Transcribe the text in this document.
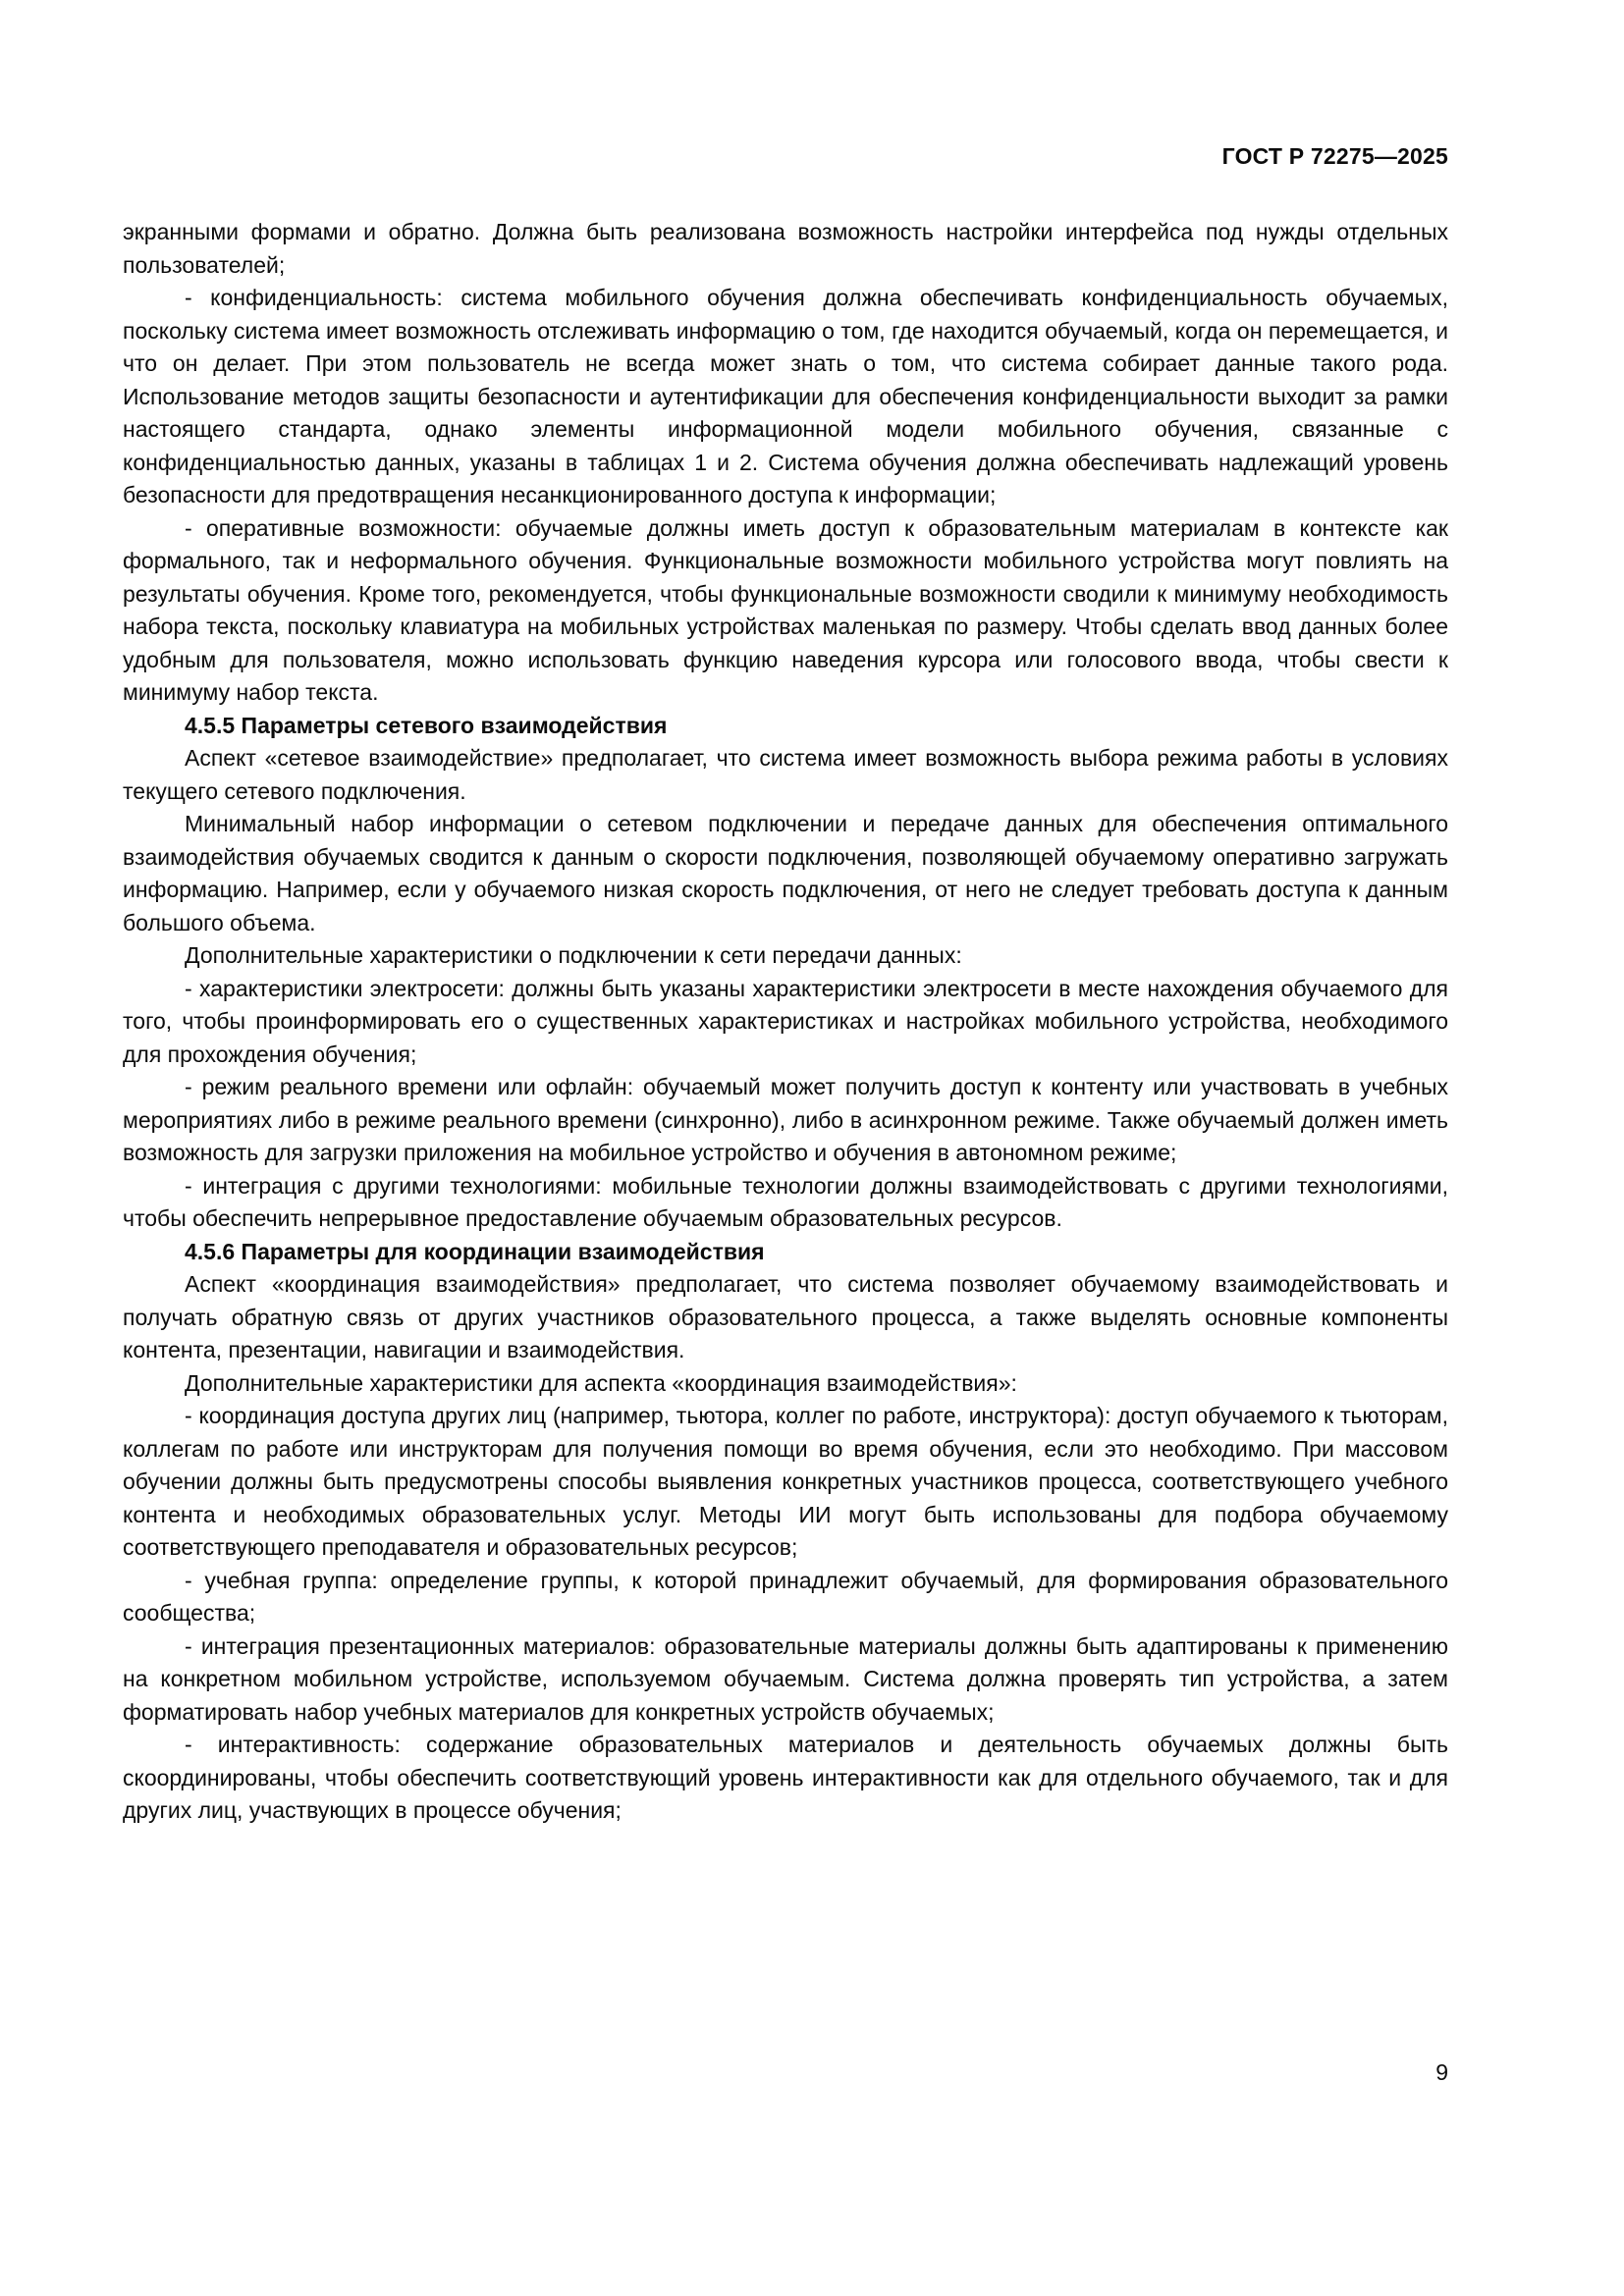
ГОСТ Р 72275—2025

экранными формами и обратно. Должна быть реализована возможность настройки интерфейса под нужды отдельных пользователей;

- конфиденциальность: система мобильного обучения должна обеспечивать конфиденциальность обучаемых, поскольку система имеет возможность отслеживать информацию о том, где находится обучаемый, когда он перемещается, и что он делает. При этом пользователь не всегда может знать о том, что система собирает данные такого рода. Использование методов защиты безопасности и аутентификации для обеспечения конфиденциальности выходит за рамки настоящего стандарта, однако элементы информационной модели мобильного обучения, связанные с конфиденциальностью данных, указаны в таблицах 1 и 2. Система обучения должна обеспечивать надлежащий уровень безопасности для предотвращения несанкционированного доступа к информации;

- оперативные возможности: обучаемые должны иметь доступ к образовательным материалам в контексте как формального, так и неформального обучения. Функциональные возможности мобильного устройства могут повлиять на результаты обучения. Кроме того, рекомендуется, чтобы функциональные возможности сводили к минимуму необходимость набора текста, поскольку клавиатура на мобильных устройствах маленькая по размеру. Чтобы сделать ввод данных более удобным для пользователя, можно использовать функцию наведения курсора или голосового ввода, чтобы свести к минимуму набор текста.

4.5.5 Параметры сетевого взаимодействия

Аспект «сетевое взаимодействие» предполагает, что система имеет возможность выбора режима работы в условиях текущего сетевого подключения.

Минимальный набор информации о сетевом подключении и передаче данных для обеспечения оптимального взаимодействия обучаемых сводится к данным о скорости подключения, позволяющей обучаемому оперативно загружать информацию. Например, если у обучаемого низкая скорость подключения, от него не следует требовать доступа к данным большого объема.

Дополнительные характеристики о подключении к сети передачи данных:

- характеристики электросети: должны быть указаны характеристики электросети в месте нахождения обучаемого для того, чтобы проинформировать его о существенных характеристиках и настройках мобильного устройства, необходимого для прохождения обучения;

- режим реального времени или офлайн: обучаемый может получить доступ к контенту или участвовать в учебных мероприятиях либо в режиме реального времени (синхронно), либо в асинхронном режиме. Также обучаемый должен иметь возможность для загрузки приложения на мобильное устройство и обучения в автономном режиме;

- интеграция с другими технологиями: мобильные технологии должны взаимодействовать с другими технологиями, чтобы обеспечить непрерывное предоставление обучаемым образовательных ресурсов.

4.5.6 Параметры для координации взаимодействия

Аспект «координация взаимодействия» предполагает, что система позволяет обучаемому взаимодействовать и получать обратную связь от других участников образовательного процесса, а также выделять основные компоненты контента, презентации, навигации и взаимодействия.

Дополнительные характеристики для аспекта «координация взаимодействия»:

- координация доступа других лиц (например, тьютора, коллег по работе, инструктора): доступ обучаемого к тьюторам, коллегам по работе или инструкторам для получения помощи во время обучения, если это необходимо. При массовом обучении должны быть предусмотрены способы выявления конкретных участников процесса, соответствующего учебного контента и необходимых образовательных услуг. Методы ИИ могут быть использованы для подбора обучаемому соответствующего преподавателя и образовательных ресурсов;

- учебная группа: определение группы, к которой принадлежит обучаемый, для формирования образовательного сообщества;

- интеграция презентационных материалов: образовательные материалы должны быть адаптированы к применению на конкретном мобильном устройстве, используемом обучаемым. Система должна проверять тип устройства, а затем форматировать набор учебных материалов для конкретных устройств обучаемых;

- интерактивность: содержание образовательных материалов и деятельность обучаемых должны быть скоординированы, чтобы обеспечить соответствующий уровень интерактивности как для отдельного обучаемого, так и для других лиц, участвующих в процессе обучения;

9
